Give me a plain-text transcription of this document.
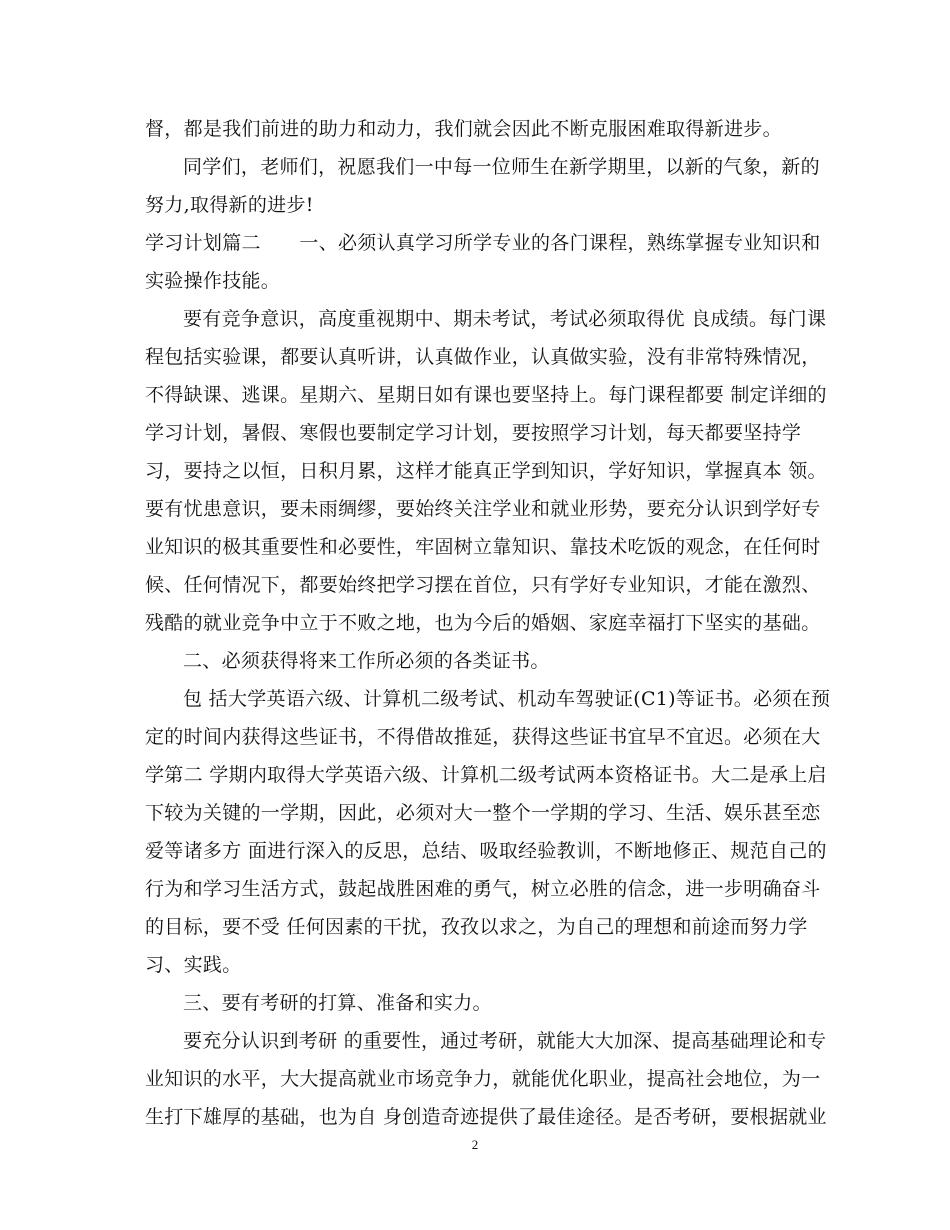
督，都是我们前进的助力和动力，我们就会因此不断克服困难取得新进步。
同学们，老师们，祝愿我们一中每一位师生在新学期里，以新的气象，新的
努力,取得新的进步!
学习计划篇二　　一、必须认真学习所学专业的各门课程，熟练掌握专业知识和
实验操作技能。
要有竞争意识，高度重视期中、期未考试，考试必须取得优 良成绩。每门课
程包括实验课，都要认真听讲，认真做作业，认真做实验，没有非常特殊情况，
不得缺课、逃课。星期六、星期日如有课也要坚持上。每门课程都要 制定详细的
学习计划，暑假、寒假也要制定学习计划，要按照学习计划，每天都要坚持学
习，要持之以恒，日积月累，这样才能真正学到知识，学好知识，掌握真本 领。
要有忧患意识，要未雨绸缪，要始终关注学业和就业形势，要充分认识到学好专
业知识的极其重要性和必要性，牢固树立靠知识、靠技术吃饭的观念，在任何时
候、任何情况下，都要始终把学习摆在首位，只有学好专业知识，才能在激烈、
残酷的就业竞争中立于不败之地，也为今后的婚姻、家庭幸福打下坚实的基础。
二、必须获得将来工作所必须的各类证书。
包 括大学英语六级、计算机二级考试、机动车驾驶证(C1)等证书。必须在预
定的时间内获得这些证书，不得借故推延，获得这些证书宜早不宜迟。必须在大
学第二 学期内取得大学英语六级、计算机二级考试两本资格证书。大二是承上启
下较为关键的一学期，因此，必须对大一整个一学期的学习、生活、娱乐甚至恋
爱等诸多方 面进行深入的反思，总结、吸取经验教训，不断地修正、规范自己的
行为和学习生活方式，鼓起战胜困难的勇气，树立必胜的信念，进一步明确奋斗
的目标，要不受 任何因素的干扰，孜孜以求之，为自己的理想和前途而努力学
习、实践。
三、要有考研的打算、准备和实力。
要充分认识到考研 的重要性，通过考研，就能大大加深、提高基础理论和专
业知识的水平，大大提高就业市场竞争力，就能优化职业，提高社会地位，为一
生打下雄厚的基础，也为自 身创造奇迹提供了最佳途径。是否考研，要根据就业
2
